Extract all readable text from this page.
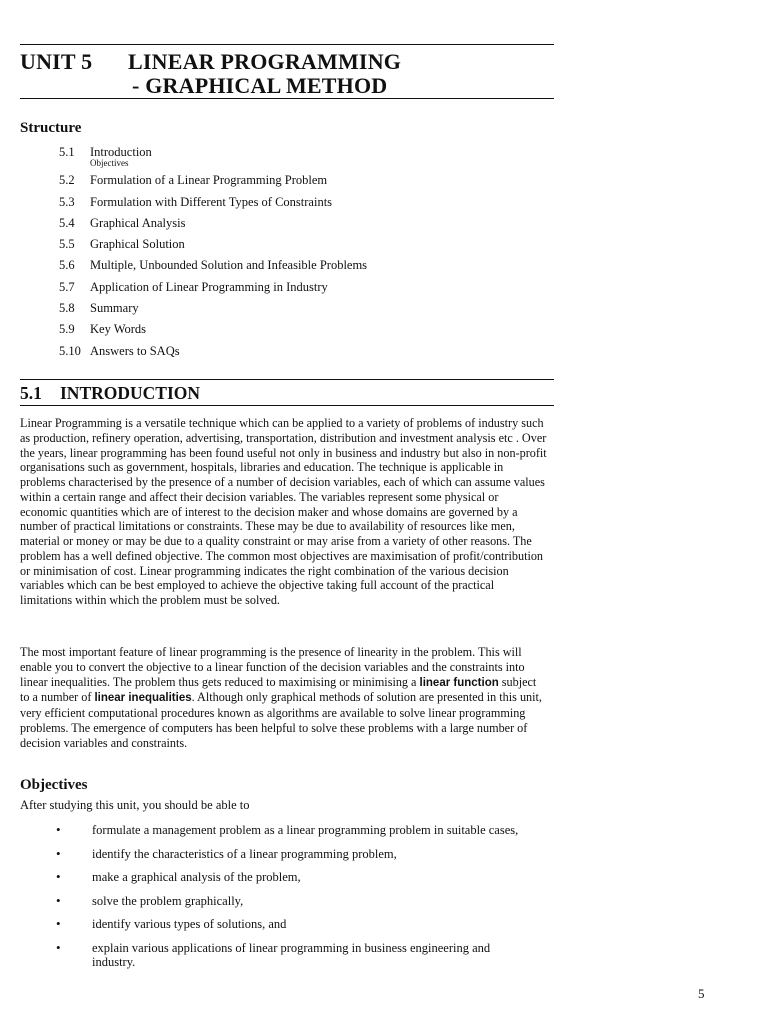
UNIT 5 LINEAR PROGRAMMING
- GRAPHICAL METHOD
Structure
5.1 Introduction
Objectives
5.2 Formulation of a Linear Programming Problem
5.3 Formulation with Different Types of Constraints
5.4 Graphical Analysis
5.5 Graphical Solution
5.6 Multiple, Unbounded Solution and Infeasible Problems
5.7 Application of Linear Programming in Industry
5.8 Summary
5.9 Key Words
5.10 Answers to SAQs
5.1 INTRODUCTION

Linear Programming is a versatile technique which can be applied to a variety of problems of industry such as production, refinery operation, advertising, transportation, distribution and investment analysis etc . Over the years, linear programming has been found useful not only in business and industry but also in non-profit organisations such as government, hospitals, libraries and education. The technique is applicable in problems characterised by the presence of a number of decision variables, each of which can assume values within a certain range and affect their decision variables. The variables represent some physical or economic quantities which are of interest to the decision maker and whose domains are governed by a number of practical limitations or constraints. These may be due to availability of resources like men, material or money or may be due to a quality constraint or may arise from a variety of other reasons. The problem has a well defined objective. The common most objectives are maximisation of profit/contribution or minimisation of cost. Linear programming indicates the right combination of the various decision variables which can be best employed to achieve the objective taking full account of the practical limitations within which the problem must be solved.

The most important feature of linear programming is the presence of linearity in the problem. This will enable you to convert the objective to a linear function of the decision variables and the constraints into linear inequalities. The problem thus gets reduced to maximising or minimising a linear function subject to a number of linear inequalities. Although only graphical methods of solution are presented in this unit, very efficient computational procedures known as algorithms are available to solve linear programming problems. The emergence of computers has been helpful to solve these problems with a large number of decision variables and constraints.

Objectives
After studying this unit, you should be able to
•	formulate a management problem as a linear programming problem in suitable cases,
•	identify the characteristics of a linear programming problem,
•	make a graphical analysis of the problem,
•	solve the problem graphically,
•	identify various types of solutions, and
•	explain various applications of linear programming in business engineering and industry.
5
